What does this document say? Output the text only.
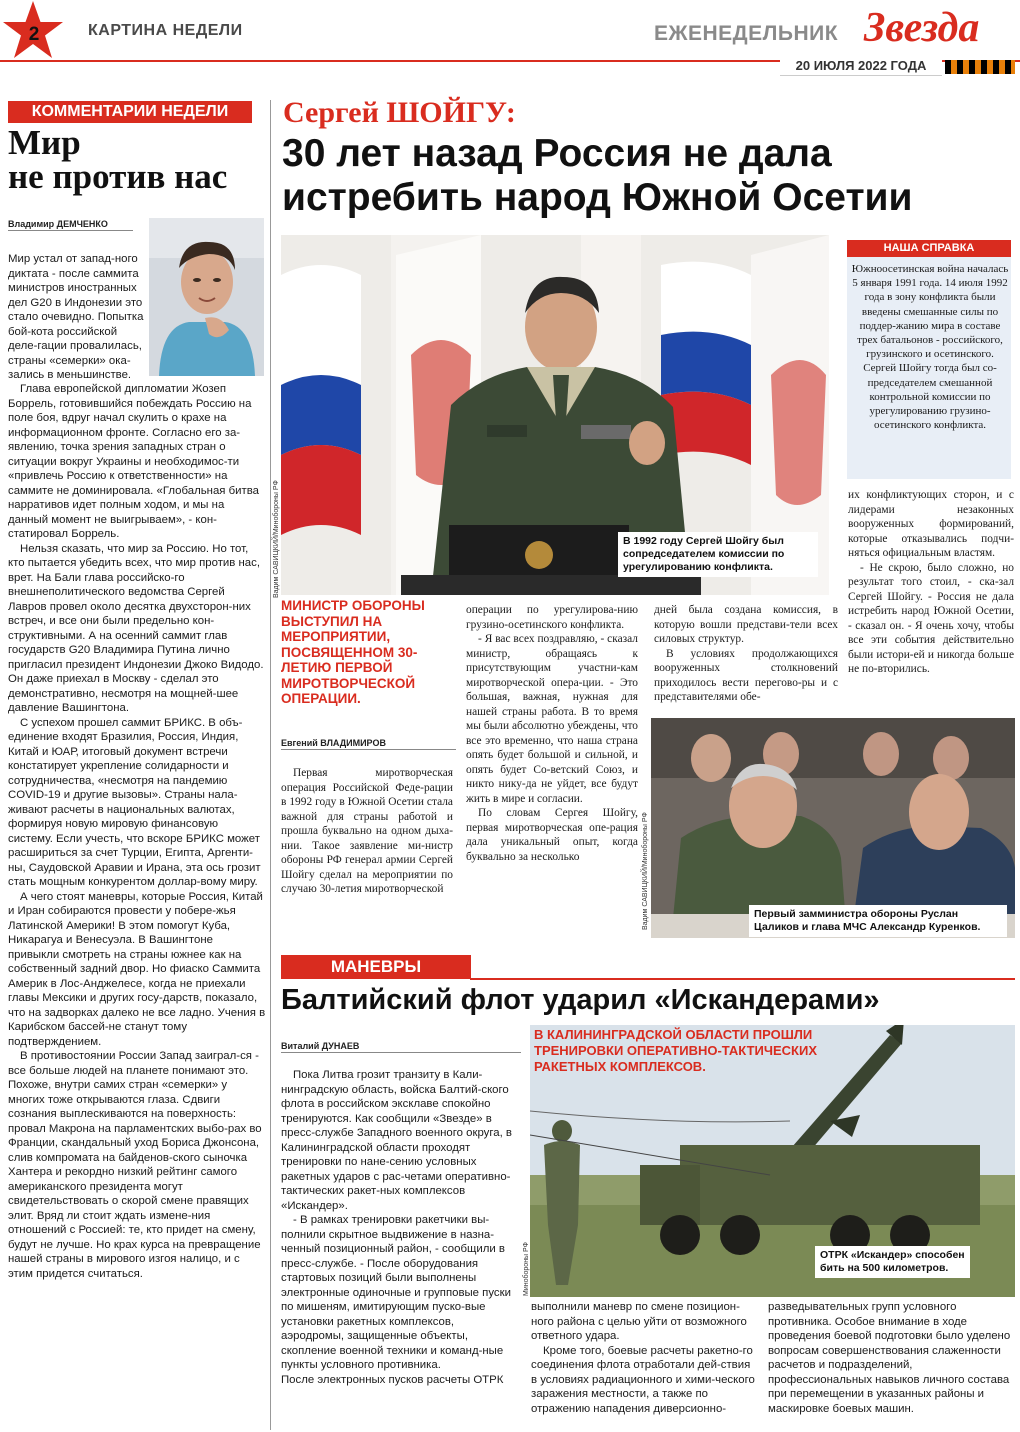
2	КАРТИНА НЕДЕЛИ	ЕЖЕНЕДЕЛЬНИК Звезда
20 ИЮЛЯ 2022 ГОДА
КОММЕНТАРИИ НЕДЕЛИ
Мир
не против нас
Владимир ДЕМЧЕНКО
Мир устал от запад-ного диктата - после саммита министров иностранных дел G20 в Индонезии это стало очевидно. Попытка бой-кота российской деле-гации провалилась, страны «семерки» ока-зались в меньшинстве.

Глава европейской дипломатии Жозеп Боррель, готовившийся побеждать Россию на поле боя, вдруг начал скулить о крахе на информационном фронте. Согласно его за-явлению, точка зрения западных стран о ситуации вокруг Украины и необходимос-ти «привлечь Россию к ответственности» на саммите не доминировала. «Глобальная битва нарративов идет полным ходом, и мы на данный момент не выигрываем», - кон-статировал Боррель.

Нельзя сказать, что мир за Россию. Но тот, кто пытается убедить всех, что мир против нас, врет. На Бали глава российско-го внешнеполитического ведомства Сергей Лавров провел около десятка двухсторон-них встреч, и все они были предельно кон-структивными. А на осенний саммит глав государств G20 Владимира Путина лично пригласил президент Индонезии Джоко Видодо. Он даже приехал в Москву - сделал это демонстративно, несмотря на мощней-шее давление Вашингтона.

С успехом прошел саммит БРИКС. В объ-единение входят Бразилия, Россия, Индия, Китай и ЮАР, итоговый документ встречи констатирует укрепление солидарности и сотрудничества, «несмотря на пандемию COVID-19 и другие вызовы». Страны нала-живают расчеты в национальных валютах, формируя новую мировую финансовую систему. Если учесть, что вскоре БРИКС может расшириться за счет Турции, Египта, Аргенти-ны, Саудовской Аравии и Ирана, эта ось грозит стать мощным конкурентом доллаp-вому миру.

А чего стоят маневры, которые Россия, Китай и Иран собираются провести у побере-жья Латинской Америки! В этом помогут Куба, Никарагуа и Венесуэла. В Вашингтоне привыкли смотреть на страны южнее как на собственный задний двор. Но фиаско Саммита Америк в Лос-Анджелесе, когда не приехали главы Мексики и других госу-дарств, показало, что на задворках далеко не все ладно. Учения в Карибском бассей-не станут тому подтверждением.

В противостоянии России Запад заиграл-ся - все больше людей на планете понимают это. Похоже, внутри самих стран «семерки» у многих тоже открываются глаза. Сдвиги сознания выплескиваются на поверхность: провал Макрона на парламентских выбо-рах во Франции, скандальный уход Бориса Джонсона, слив компромата на байденов-ского сыночка Хантера и рекордно низкий рейтинг самого американского президента могут свидетельствовать о скорой смене правящих элит. Вряд ли стоит ждать измене-ния отношений с Россией: те, кто придет на смену, будут не лучше. Но крах курса на превращение нашей страны в мирового изгоя налицо, и с этим придется считаться.

Сергей ШОЙГУ:
30 лет назад Россия не дала
истребить народ Южной Осетии
Вадим САВИЦКИЙ/Минобороны РФ	В 1992 году Сергей Шойгу был сопредседателем комиссии по урегулированию конфликта.
НАША СПРАВКА
Южноосетинская война началась 5 января 1991 года. 14 июля 1992 года в зону конфликта были введены смешанные силы по поддер-жанию мира в составе трех батальонов - российского, грузинского и осетинского. Сергей Шойгу тогда был со-председателем смешанной контрольной комиссии по урегулированию грузино-осетинского конфликта.
МИНИСТР ОБОРОНЫ ВЫСТУПИЛ НА МЕРОПРИЯТИИ, ПОСВЯЩЕННОМ 30-ЛЕТИЮ ПЕРВОЙ МИРОТВОРЧЕСКОЙ ОПЕРАЦИИ.
Евгений ВЛАДИМИРОВ

Первая миротворческая операция Российской Феде-рации в 1992 году в Южной Осетии стала важной для страны работой и прошла буквально на одном дыха-нии. Такое заявление ми-нистр обороны РФ генерал армии Сергей Шойгу сделал на мероприятии по случаю 30-летия миротворческой

операции по урегулирова-нию грузино-осетинского конфликта.

- Я вас всех поздравляю, - сказал министр, обращаясь к присутствующим участни-кам миротворческой опера-ции. - Это большая, важная, нужная для нашей страны работа. В то время мы были абсолютно убеждены, что все это временно, что наша страна опять будет большой и сильной, и опять будет Со-ветский Союз, и никто нику-да не уйдет, все будут жить в мире и согласии.

По словам Сергея Шойгу, первая миротворческая опе-рация дала уникальный опыт, когда буквально за несколько

дней была создана комиссия, в которую вошли представи-тели всех силовых структур.

В условиях продолжающихся вооруженных столкновений приходилось вести перегово-ры и с представителями обе-

их конфликтующих сторон, и с лидерами незаконных вооруженных формирований, которые отказывались подчи-няться официальным властям.

- Не скрою, было сложно, но результат того стоил, - ска-зал Сергей Шойгу. - Россия не дала истребить народ Южной Осетии, - сказал он. - Я очень хочу, чтобы все эти события действительно были истори-ей и никогда больше не по-вторились.

Вадим САВИЦКИЙ/Минобороны РФ	Первый замминистра обороны Руслан Цаликов и глава МЧС Александр Куренков.
МАНЕВРЫ
Балтийский флот ударил «Искандерами»
Виталий ДУНАЕВ
В КАЛИНИНГРАДСКОЙ ОБЛАСТИ ПРОШЛИ ТРЕНИРОВКИ ОПЕРАТИВНО-ТАКТИЧЕСКИХ РАКЕТНЫХ КОМПЛЕКСОВ.
Минобороны РФ	ОТРК «Искандер» способен бить на 500 километров.

Пока Литва грозит транзиту в Кали-нинградскую область, войска Балтий-ского флота в российском эксклаве спокойно тренируются. Как сообщили «Звезде» в пресс-службе Западного военного округа, в Калининградской области проходят тренировки по нане-сению условных ракетных ударов с рас-четами оперативно-тактических ракет-ных комплексов «Искандер».

- В рамках тренировки ракетчики вы-полнили скрытное выдвижение в назна-ченный позиционный район, - сообщили в пресс-службе. - После оборудования стартовых позиций были выполнены электронные одиночные и групповые пуски по мишеням, имитирующим пуско-вые установки ракетных комплексов, аэродромы, защищенные объекты, скопление военной техники и команд-ные пункты условного противника.

После электронных пусков расчеты ОТРК

выполнили маневр по смене позицион-ного района с целью уйти от возможного ответного удара.

Кроме того, боевые расчеты ракетно-го соединения флота отработали дей-ствия в условиях радиационного и хими-ческого заражения местности, а также по отражению нападения диверсионно-

разведывательных групп условного противника. Особое внимание в ходе проведения боевой подготовки было уделено вопросам совершенствования слаженности расчетов и подразделений, профессиональных навыков личного состава при перемещении в указанных районы и маскировке боевых машин.
